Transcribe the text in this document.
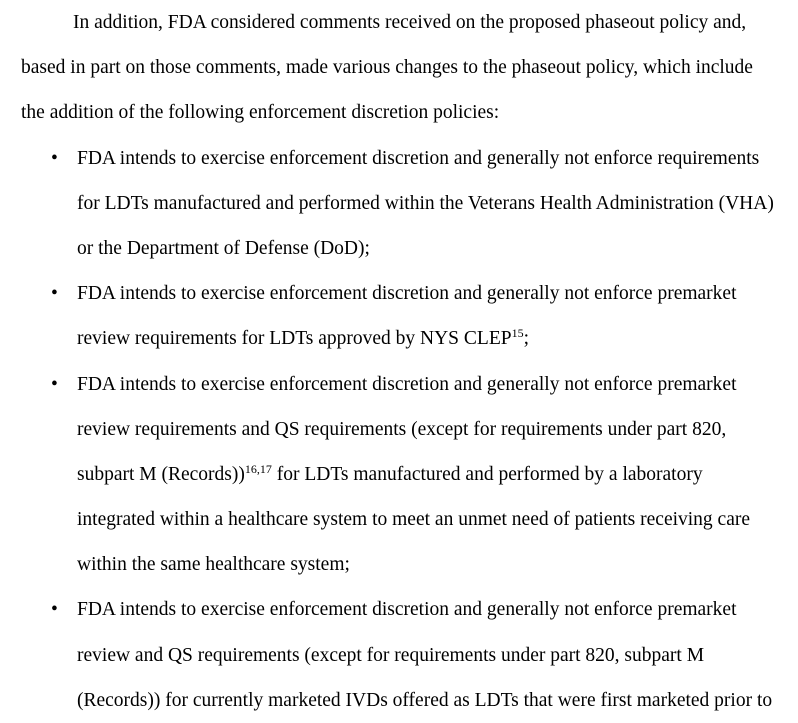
In addition, FDA considered comments received on the proposed phaseout policy and,
based in part on those comments, made various changes to the phaseout policy, which include
the addition of the following enforcement discretion policies:
• FDA intends to exercise enforcement discretion and generally not enforce requirements
for LDTs manufactured and performed within the Veterans Health Administration (VHA)
or the Department of Defense (DoD);
• FDA intends to exercise enforcement discretion and generally not enforce premarket
review requirements for LDTs approved by NYS CLEP$^{15}$;
• FDA intends to exercise enforcement discretion and generally not enforce premarket
review requirements and QS requirements (except for requirements under part 820,
subpart M (Records))$^{16,17}$ for LDTs manufactured and performed by a laboratory
integrated within a healthcare system to meet an unmet need of patients receiving care
within the same healthcare system;
• FDA intends to exercise enforcement discretion and generally not enforce premarket
review and QS requirements (except for requirements under part 820, subpart M
(Records)) for currently marketed IVDs offered as LDTs that were first marketed prior to
